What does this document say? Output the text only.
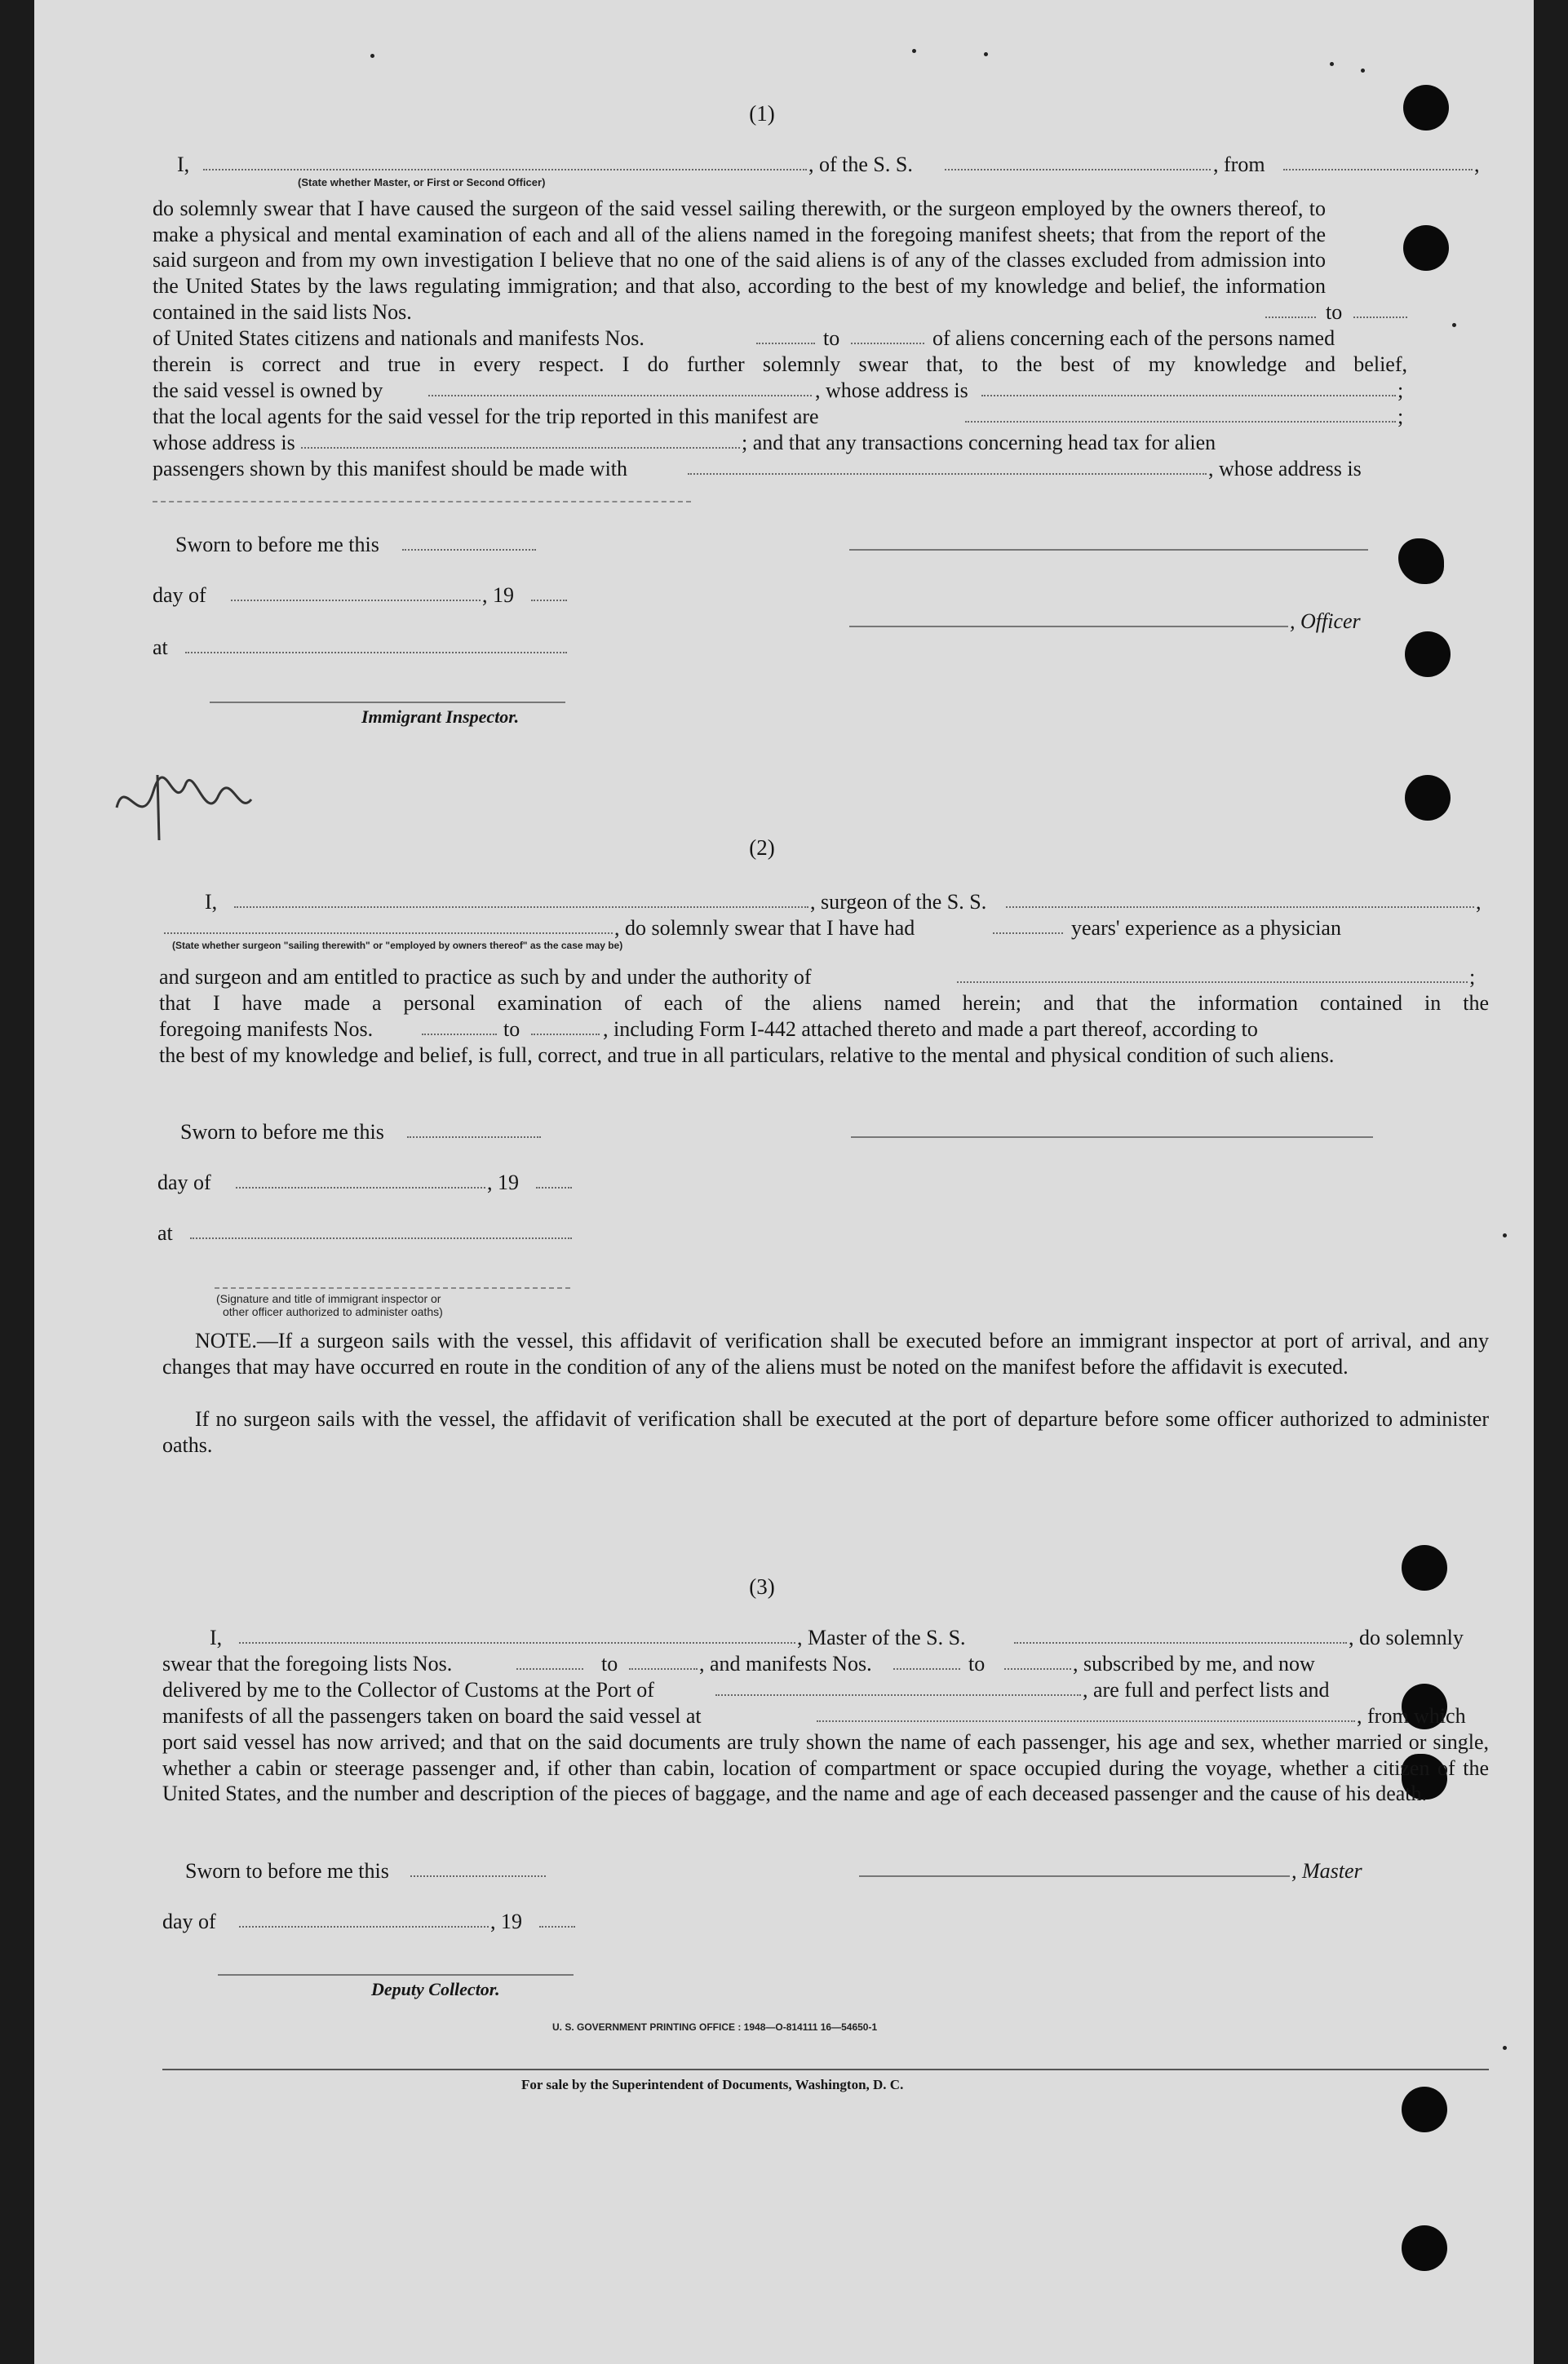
(1)
I,	, of the S. S.	, from	,
(State whether Master, or First or Second Officer)
do solemnly swear that I have caused the surgeon of the said vessel sailing therewith, or the surgeon employed by the owners thereof, to make a physical and mental examination of each and all of the aliens named in the foregoing manifest sheets; that from the report of the said surgeon and from my own investigation I believe that no one of the said aliens is of any of the classes excluded from admission into the United States by the laws regulating immigration; and that also, according to the best of my knowledge and belief, the information contained in the said lists Nos.	to
of United States citizens and nationals and manifests Nos.	to	of aliens concerning each of the persons named
therein is correct and true in every respect. I do further solemnly swear that, to the best of my knowledge and belief,
the said vessel is owned by	, whose address is	;
that the local agents for the said vessel for the trip reported in this manifest are	;
whose address is	; and that any transactions concerning head tax for alien
passengers shown by this manifest should be made with	, whose address is
Sworn to before me this
day of	, 19
, Officer
at
Immigrant Inspector.
(2)
I,	, surgeon of the S. S.	,
, do solemnly swear that I have had	years' experience as a physician
(State whether surgeon "sailing therewith" or "employed by owners thereof" as the case may be)
and surgeon and am entitled to practice as such by and under the authority of	;
that I have made a personal examination of each of the aliens named herein; and that the information contained in the
foregoing manifests Nos.	to	, including Form I-442 attached thereto and made a part thereof, according to
the best of my knowledge and belief, is full, correct, and true in all particulars, relative to the mental and physical condition of such aliens.
Sworn to before me this
day of	, 19
at
(Signature and title of immigrant inspector or
other officer authorized to administer oaths)
NOTE.—If a surgeon sails with the vessel, this affidavit of verification shall be executed before an immigrant inspector at port of arrival, and any changes that may have occurred en route in the condition of any of the aliens must be noted on the manifest before the affidavit is executed.
If no surgeon sails with the vessel, the affidavit of verification shall be executed at the port of departure before some officer authorized to administer oaths.
(3)
I,	, Master of the S. S.	, do solemnly
swear that the foregoing lists Nos.	to	, and manifests Nos.	to	, subscribed by me, and now
delivered by me to the Collector of Customs at the Port of	, are full and perfect lists and
manifests of all the passengers taken on board the said vessel at	, from which
port said vessel has now arrived; and that on the said documents are truly shown the name of each passenger, his age and sex, whether married or single, whether a cabin or steerage passenger and, if other than cabin, location of compartment or space occupied during the voyage, whether a citizen of the United States, and the number and description of the pieces of baggage, and the name and age of each deceased passenger and the cause of his death.
Sworn to before me this	, Master
day of	, 19
Deputy Collector.
U. S. GOVERNMENT PRINTING OFFICE : 1948—O-814111 16—54650-1
For sale by the Superintendent of Documents, Washington, D. C.
